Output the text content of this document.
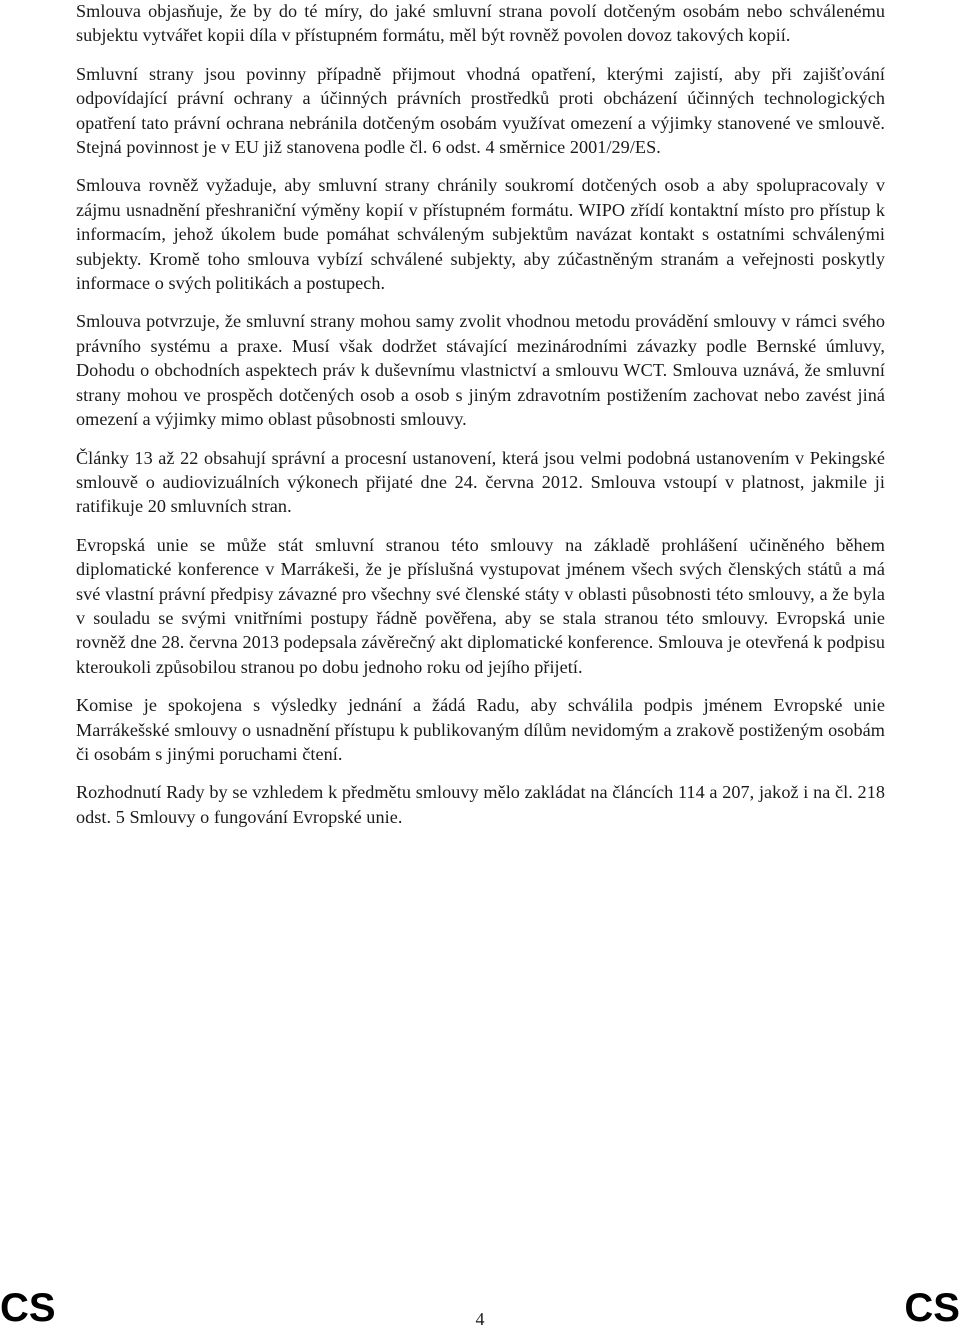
Smlouva objasňuje, že by do té míry, do jaké smluvní strana povolí dotčeným osobám nebo schválenému subjektu vytvářet kopii díla v přístupném formátu, měl být rovněž povolen dovoz takových kopií.

Smluvní strany jsou povinny případně přijmout vhodná opatření, kterými zajistí, aby při zajišťování odpovídající právní ochrany a účinných právních prostředků proti obcházení účinných technologických opatření tato právní ochrana nebránila dotčeným osobám využívat omezení a výjimky stanovené ve smlouvě. Stejná povinnost je v EU již stanovena podle čl. 6 odst. 4 směrnice 2001/29/ES.

Smlouva rovněž vyžaduje, aby smluvní strany chránily soukromí dotčených osob a aby spolupracovaly v zájmu usnadnění přeshraniční výměny kopií v přístupném formátu. WIPO zřídí kontaktní místo pro přístup k informacím, jehož úkolem bude pomáhat schváleným subjektům navázat kontakt s ostatními schválenými subjekty. Kromě toho smlouva vybízí schválené subjekty, aby zúčastněným stranám a veřejnosti poskytly informace o svých politikách a postupech.

Smlouva potvrzuje, že smluvní strany mohou samy zvolit vhodnou metodu provádění smlouvy v rámci svého právního systému a praxe. Musí však dodržet stávající mezinárodními závazky podle Bernské úmluvy, Dohodu o obchodních aspektech práv k duševnímu vlastnictví a smlouvu WCT. Smlouva uznává, že smluvní strany mohou ve prospěch dotčených osob a osob s jiným zdravotním postižením zachovat nebo zavést jiná omezení a výjimky mimo oblast působnosti smlouvy.

Články 13 až 22 obsahují správní a procesní ustanovení, která jsou velmi podobná ustanovením v Pekingské smlouvě o audiovizuálních výkonech přijaté dne 24. června 2012. Smlouva vstoupí v platnost, jakmile ji ratifikuje 20 smluvních stran.

Evropská unie se může stát smluvní stranou této smlouvy na základě prohlášení učiněného během diplomatické konference v Marrákeši, že je příslušná vystupovat jménem všech svých členských států a má své vlastní právní předpisy závazné pro všechny své členské státy v oblasti působnosti této smlouvy, a že byla v souladu se svými vnitřními postupy řádně pověřena, aby se stala stranou této smlouvy. Evropská unie rovněž dne 28. června 2013 podepsala závěrečný akt diplomatické konference. Smlouva je otevřená k podpisu kteroukoli způsobilou stranou po dobu jednoho roku od jejího přijetí.

Komise je spokojena s výsledky jednání a žádá Radu, aby schválila podpis jménem Evropské unie Marrákešské smlouvy o usnadnění přístupu k publikovaným dílům nevidomým a zrakově postiženým osobám či osobám s jinými poruchami čtení.

Rozhodnutí Rady by se vzhledem k předmětu smlouvy mělo zakládat na článcích 114 a 207, jakož i na čl. 218 odst. 5 Smlouvy o fungování Evropské unie.

CS	4	CS
